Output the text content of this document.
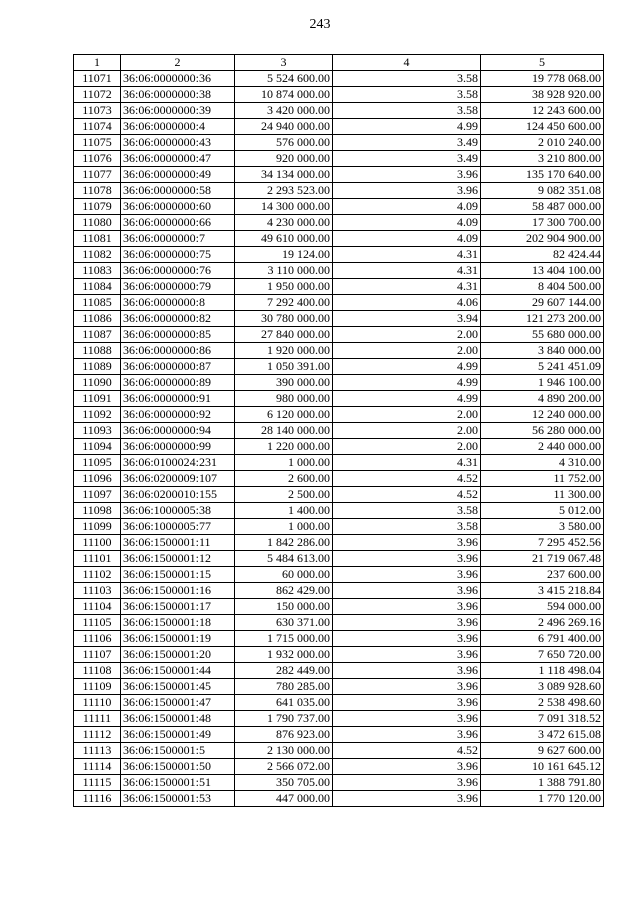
243
1	2	3	4	5
11071	36:06:0000000:36	5 524 600.00	3.58	19 778 068.00
11072	36:06:0000000:38	10 874 000.00	3.58	38 928 920.00
11073	36:06:0000000:39	3 420 000.00	3.58	12 243 600.00
11074	36:06:0000000:4	24 940 000.00	4.99	124 450 600.00
11075	36:06:0000000:43	576 000.00	3.49	2 010 240.00
11076	36:06:0000000:47	920 000.00	3.49	3 210 800.00
11077	36:06:0000000:49	34 134 000.00	3.96	135 170 640.00
11078	36:06:0000000:58	2 293 523.00	3.96	9 082 351.08
11079	36:06:0000000:60	14 300 000.00	4.09	58 487 000.00
11080	36:06:0000000:66	4 230 000.00	4.09	17 300 700.00
11081	36:06:0000000:7	49 610 000.00	4.09	202 904 900.00
11082	36:06:0000000:75	19 124.00	4.31	82 424.44
11083	36:06:0000000:76	3 110 000.00	4.31	13 404 100.00
11084	36:06:0000000:79	1 950 000.00	4.31	8 404 500.00
11085	36:06:0000000:8	7 292 400.00	4.06	29 607 144.00
11086	36:06:0000000:82	30 780 000.00	3.94	121 273 200.00
11087	36:06:0000000:85	27 840 000.00	2.00	55 680 000.00
11088	36:06:0000000:86	1 920 000.00	2.00	3 840 000.00
11089	36:06:0000000:87	1 050 391.00	4.99	5 241 451.09
11090	36:06:0000000:89	390 000.00	4.99	1 946 100.00
11091	36:06:0000000:91	980 000.00	4.99	4 890 200.00
11092	36:06:0000000:92	6 120 000.00	2.00	12 240 000.00
11093	36:06:0000000:94	28 140 000.00	2.00	56 280 000.00
11094	36:06:0000000:99	1 220 000.00	2.00	2 440 000.00
11095	36:06:0100024:231	1 000.00	4.31	4 310.00
11096	36:06:0200009:107	2 600.00	4.52	11 752.00
11097	36:06:0200010:155	2 500.00	4.52	11 300.00
11098	36:06:1000005:38	1 400.00	3.58	5 012.00
11099	36:06:1000005:77	1 000.00	3.58	3 580.00
11100	36:06:1500001:11	1 842 286.00	3.96	7 295 452.56
11101	36:06:1500001:12	5 484 613.00	3.96	21 719 067.48
11102	36:06:1500001:15	60 000.00	3.96	237 600.00
11103	36:06:1500001:16	862 429.00	3.96	3 415 218.84
11104	36:06:1500001:17	150 000.00	3.96	594 000.00
11105	36:06:1500001:18	630 371.00	3.96	2 496 269.16
11106	36:06:1500001:19	1 715 000.00	3.96	6 791 400.00
11107	36:06:1500001:20	1 932 000.00	3.96	7 650 720.00
11108	36:06:1500001:44	282 449.00	3.96	1 118 498.04
11109	36:06:1500001:45	780 285.00	3.96	3 089 928.60
11110	36:06:1500001:47	641 035.00	3.96	2 538 498.60
11111	36:06:1500001:48	1 790 737.00	3.96	7 091 318.52
11112	36:06:1500001:49	876 923.00	3.96	3 472 615.08
11113	36:06:1500001:5	2 130 000.00	4.52	9 627 600.00
11114	36:06:1500001:50	2 566 072.00	3.96	10 161 645.12
11115	36:06:1500001:51	350 705.00	3.96	1 388 791.80
11116	36:06:1500001:53	447 000.00	3.96	1 770 120.00
